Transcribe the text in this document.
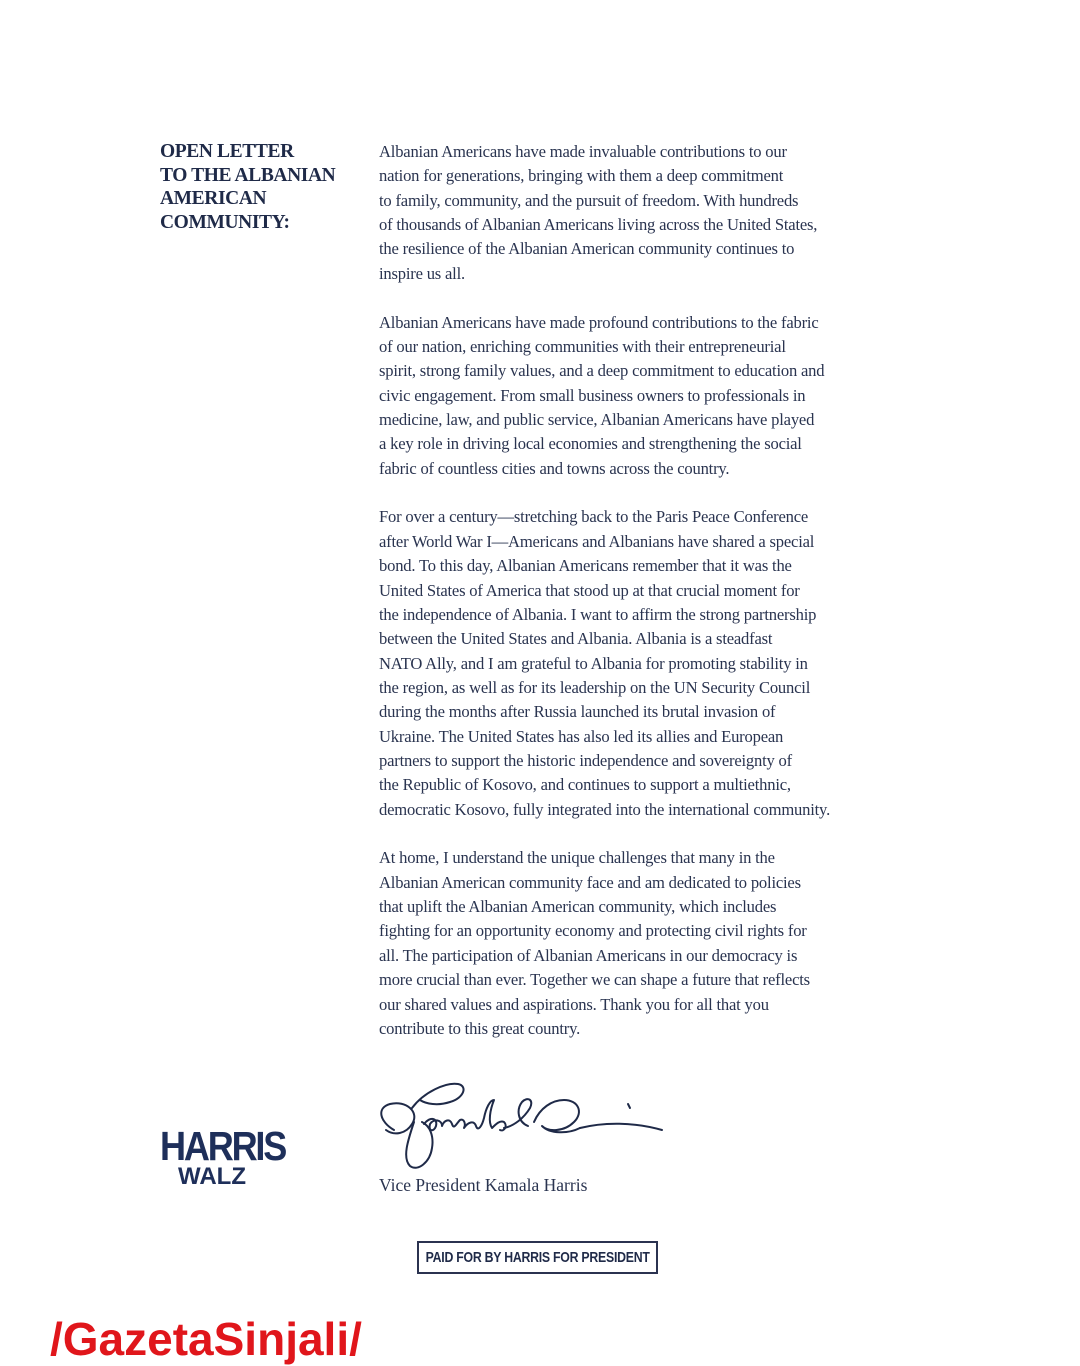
OPEN LETTER
TO THE ALBANIAN
AMERICAN
COMMUNITY:
Albanian Americans have made invaluable contributions to our
nation for generations, bringing with them a deep commitment
to family, community, and the pursuit of freedom. With hundreds
of thousands of Albanian Americans living across the United States,
the resilience of the Albanian American community continues to
inspire us all.
Albanian Americans have made profound contributions to the fabric
of our nation, enriching communities with their entrepreneurial
spirit, strong family values, and a deep commitment to education and
civic engagement. From small business owners to professionals in
medicine, law, and public service, Albanian Americans have played
a key role in driving local economies and strengthening the social
fabric of countless cities and towns across the country.
For over a century—stretching back to the Paris Peace Conference
after World War I—Americans and Albanians have shared a special
bond. To this day, Albanian Americans remember that it was the
United States of America that stood up at that crucial moment for
the independence of Albania. I want to affirm the strong partnership
between the United States and Albania. Albania is a steadfast
NATO Ally, and I am grateful to Albania for promoting stability in
the region, as well as for its leadership on the UN Security Council
during the months after Russia launched its brutal invasion of
Ukraine. The United States has also led its allies and European
partners to support the historic independence and sovereignty of
the Republic of Kosovo, and continues to support a multiethnic,
democratic Kosovo, fully integrated into the international community.
At home, I understand the unique challenges that many in the
Albanian American community face and am dedicated to policies
that uplift the Albanian American community, which includes
fighting for an opportunity economy and protecting civil rights for
all. The participation of Albanian Americans in our democracy is
more crucial than ever. Together we can shape a future that reflects
our shared values and aspirations. Thank you for all that you
contribute to this great country.
HARRIS
WALZ	Vice President Kamala Harris
PAID FOR BY HARRIS FOR PRESIDENT
/GazetaSinjali/
